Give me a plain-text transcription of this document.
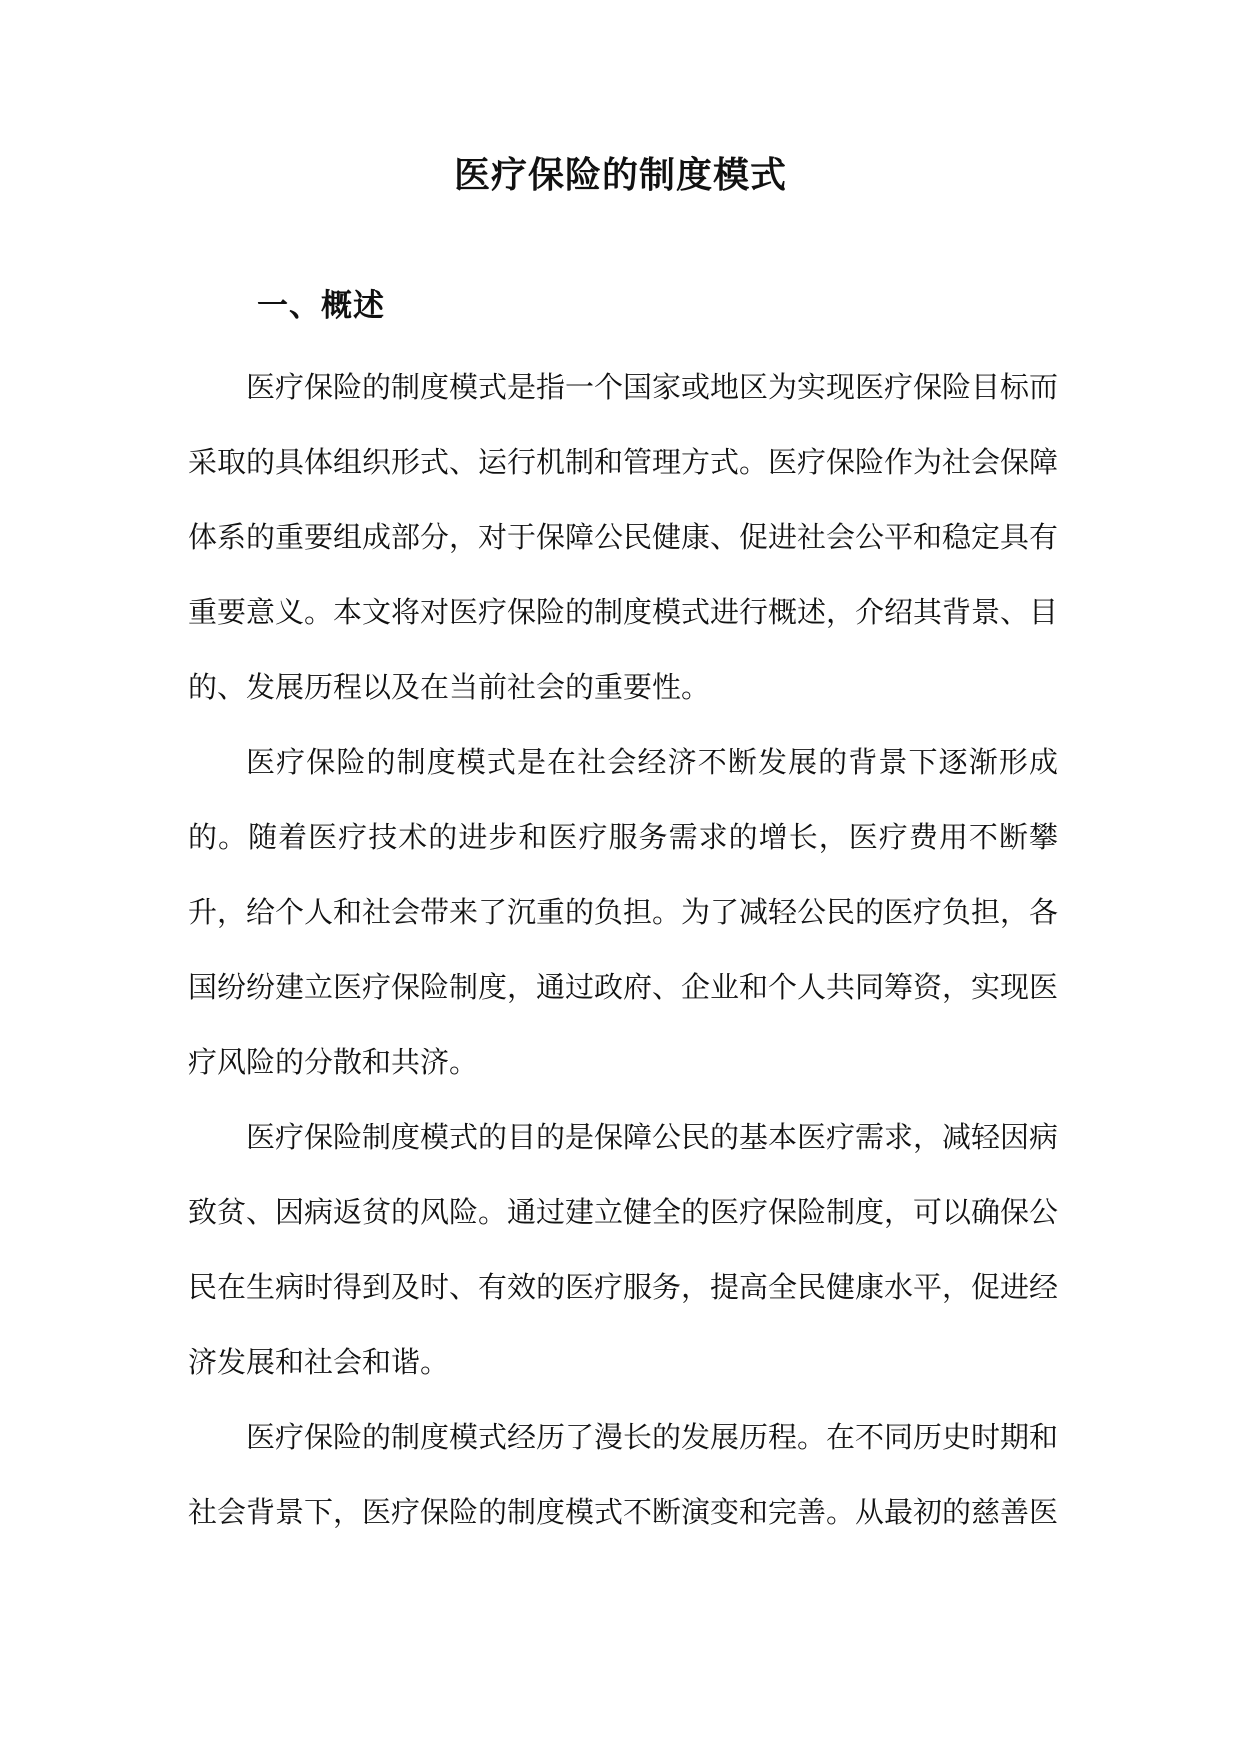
医疗保险的制度模式
一、概述

医疗保险的制度模式是指一个国家或地区为实现医疗保险目标而采取的具体组织形式、运行机制和管理方式。医疗保险作为社会保障体系的重要组成部分，对于保障公民健康、促进社会公平和稳定具有重要意义。本文将对医疗保险的制度模式进行概述，介绍其背景、目的、发展历程以及在当前社会的重要性。

医疗保险的制度模式是在社会经济不断发展的背景下逐渐形成的。随着医疗技术的进步和医疗服务需求的增长，医疗费用不断攀升，给个人和社会带来了沉重的负担。为了减轻公民的医疗负担，各国纷纷建立医疗保险制度，通过政府、企业和个人共同筹资，实现医疗风险的分散和共济。

医疗保险制度模式的目的是保障公民的基本医疗需求，减轻因病致贫、因病返贫的风险。通过建立健全的医疗保险制度，可以确保公民在生病时得到及时、有效的医疗服务，提高全民健康水平，促进经济发展和社会和谐。

医疗保险的制度模式经历了漫长的发展历程。在不同历史时期和社会背景下，医疗保险的制度模式不断演变和完善。从最初的慈善医
